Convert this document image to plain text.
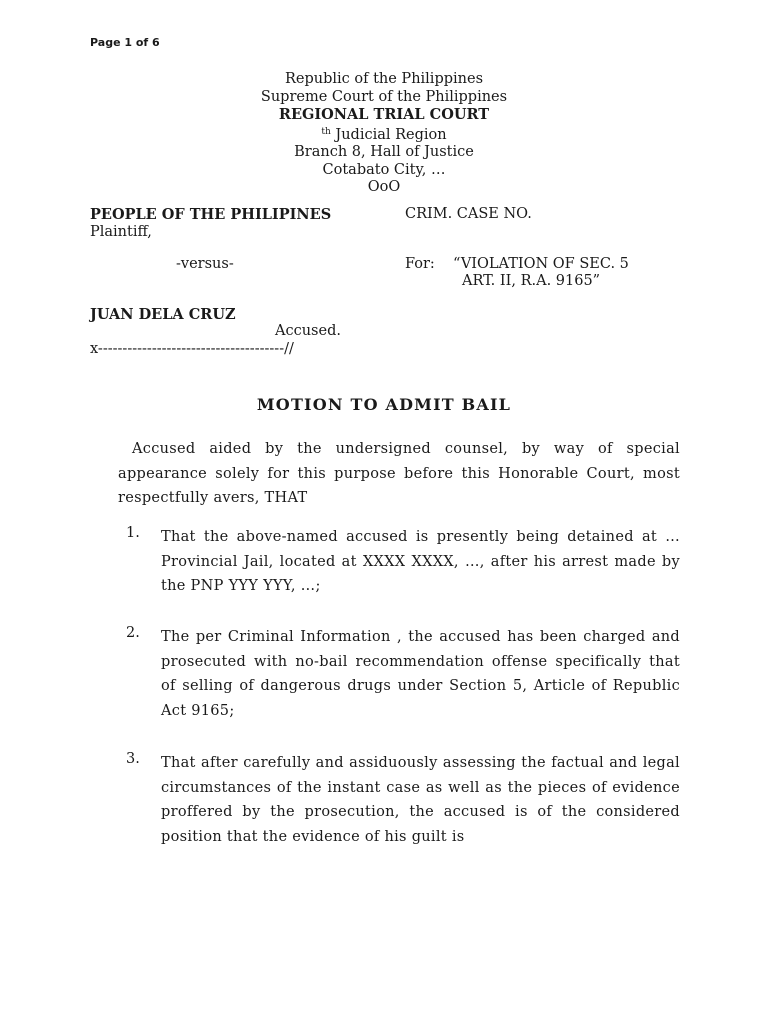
Page 1 of 6
Republic of the Philippines
Supreme Court of the Philippines
REGIONAL TRIAL COURT
$^{th}$ Judicial Region
Branch 8, Hall of Justice
Cotabato City, …
OoO
PEOPLE OF THE PHILIPINES
Plaintiff,
CRIM. CASE NO.
-versus-	For: “VIOLATION OF SEC. 5
ART. II, R.A. 9165”
JUAN DELA CRUZ
Accused.
x--------------------------------------//
MOTION TO ADMIT BAIL
Accused aided by the undersigned counsel, by way of special appearance solely for this purpose before this Honorable Court, most respectfully avers, THAT
1. That the above-named accused is presently being detained at … Provincial Jail, located at XXXX XXXX, …, after his arrest made by the PNP YYY YYY, …;
2. The per Criminal Information , the accused has been charged and prosecuted with no-bail recommendation offense specifically that of selling of dangerous drugs under Section 5, Article of Republic Act 9165;
3. That after carefully and assiduously assessing the factual and legal circumstances of the instant case as well as the pieces of evidence proffered by the prosecution, the accused is of the considered position that the evidence of his guilt is
